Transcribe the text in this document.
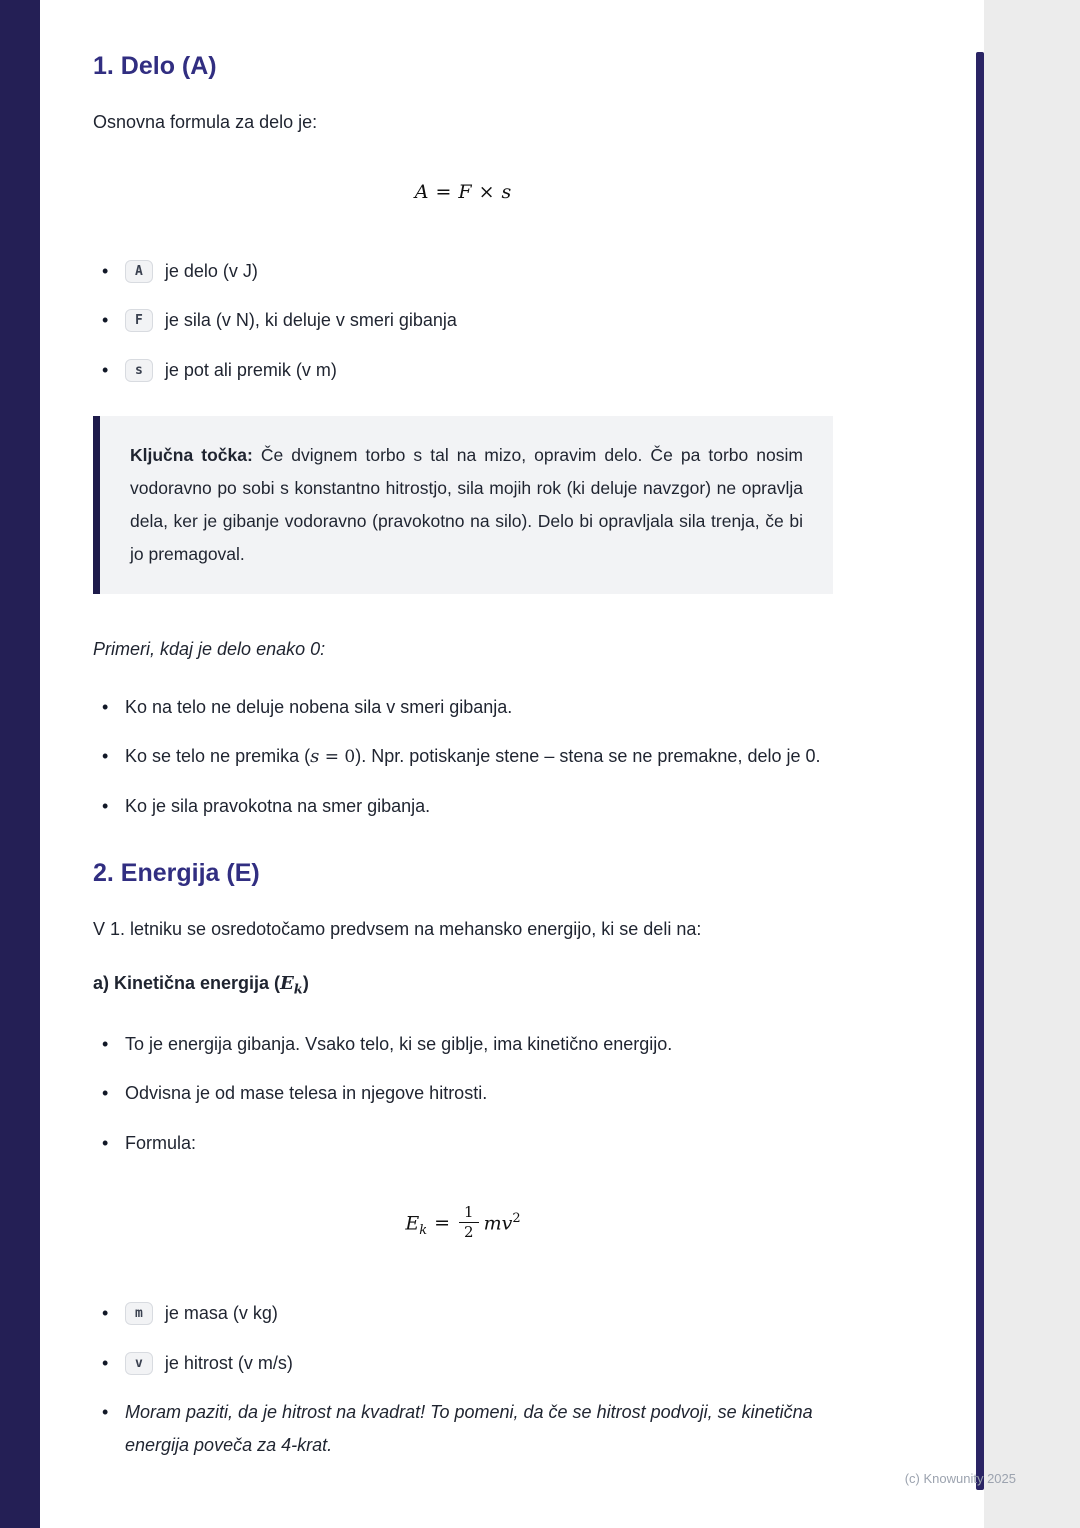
1. Delo (A)

Osnovna formula za delo je:

A = F × s
• A je delo (v J)
• F je sila (v N), ki deluje v smeri gibanja
• s je pot ali premik (v m)
Ključna točka: Če dvignem torbo s tal na mizo, opravim delo. Če pa torbo nosim vodoravno po sobi s konstantno hitrostjo, sila mojih rok (ki deluje navzgor) ne opravlja dela, ker je gibanje vodoravno (pravokotno na silo). Delo bi opravljala sila trenja, če bi jo premagoval.

Primeri, kdaj je delo enako 0:

• Ko na telo ne deluje nobena sila v smeri gibanja.
• Ko se telo ne premika (s = 0). Npr. potiskanje stene – stena se ne premakne, delo je 0.
• Ko je sila pravokotna na smer gibanja.
2. Energija (E)

V 1. letniku se osredotočamo predvsem na mehansko energijo, ki se deli na:

a) Kinetična energija $(E_k)$

• To je energija gibanja. Vsako telo, ki se giblje, ima kinetično energijo.
• Odvisna je od mase telesa in njegove hitrosti.
• Formula:
$E_k = \frac{1}{2} mv^2$
• m je masa (v kg)
• v je hitrost (v m/s)
• Moram paziti, da je hitrost na kvadrat! To pomeni, da če se hitrost podvoji, se kinetična energija poveča za 4-krat.
(c) Knowunity 2025
